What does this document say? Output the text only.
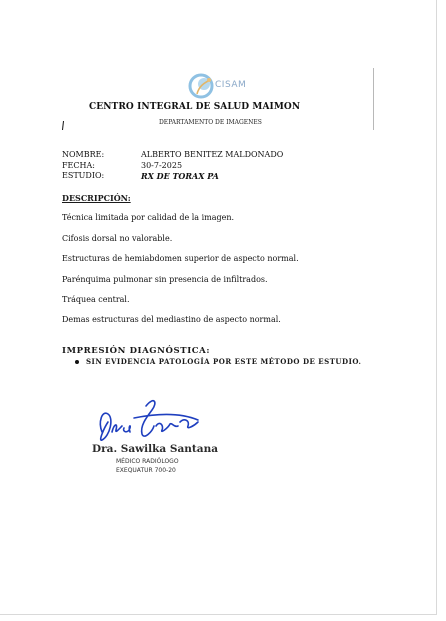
CISAM
CENTRO INTEGRAL DE SALUD MAIMON
DEPARTAMENTO DE IMAGENES
NOMBRE:	ALBERTO BENITEZ MALDONADO
FECHA:	30-7-2025
ESTUDIO:	RX DE TORAX PA
DESCRIPCIÓN:
Técnica limitada por calidad de la imagen.
Cifosis dorsal no valorable.
Estructuras de hemiabdomen superior de aspecto normal.
Parénquima pulmonar sin presencia de infiltrados.
Tráquea central.
Demas estructuras del mediastino de aspecto normal.
IMPRESIÓN DIAGNÓSTICA:
SIN EVIDENCIA PATOLOGÍA POR ESTE MÉTODO DE ESTUDIO.
Dra. Sawilka Santana
MÉDICO RADIÓLOGO
EXEQUATUR 700-20
